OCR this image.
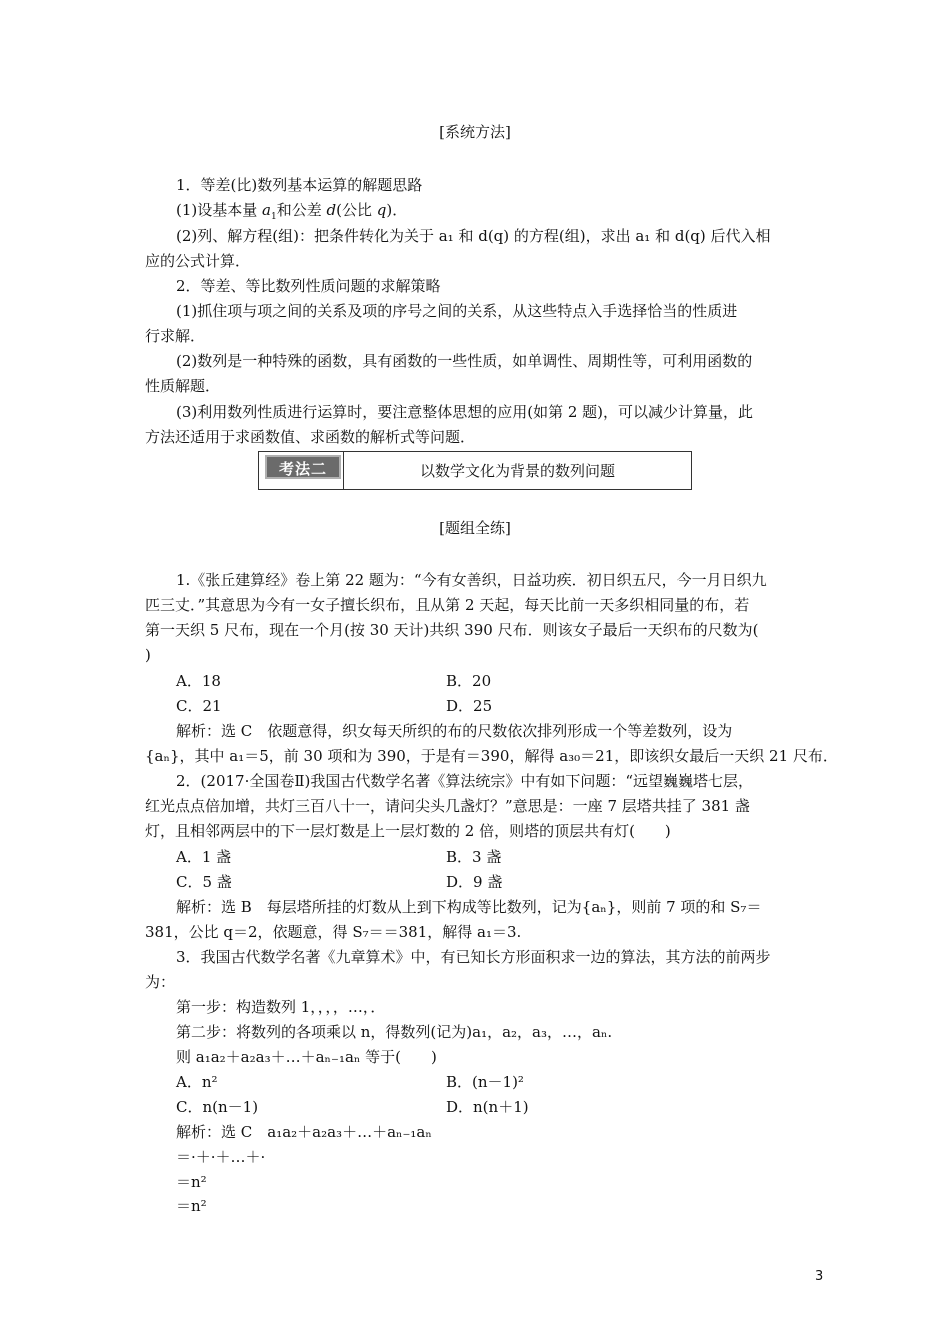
[系统方法]
1．等差(比)数列基本运算的解题思路
(1)设基本量 $a_1$和公差 d(公比 q)．
(2)列、解方程(组)：把条件转化为关于 a₁ 和 d(q) 的方程(组)，求出 a₁ 和 d(q) 后代入相
应的公式计算．
2．等差、等比数列性质问题的求解策略
(1)抓住项与项之间的关系及项的序号之间的关系，从这些特点入手选择恰当的性质进
行求解．
(2)数列是一种特殊的函数，具有函数的一些性质，如单调性、周期性等，可利用函数的
性质解题．
(3)利用数列性质进行运算时，要注意整体思想的应用(如第 2 题)，可以减少计算量，此
方法还适用于求函数值、求函数的解析式等问题．
考法二	以数学文化为背景的数列问题
[题组全练]
1.《张丘建算经》卷上第 22 题为：“今有女善织，日益功疾．初日织五尺，今一月日织九
匹三丈．”其意思为今有一女子擅长织布，且从第 2 天起，每天比前一天多织相同量的布，若
第一天织 5 尺布，现在一个月(按 30 天计)共织 390 尺布．则该女子最后一天织布的尺数为(
)
A．18	B．20
C．21	D．25
解析：选 C　依题意得，织女每天所织的布的尺数依次排列形成一个等差数列，设为
{aₙ}，其中 a₁＝5，前 30 项和为 390，于是有＝390，解得 a₃₀＝21，即该织女最后一天织 21 尺布．
2．(2017·全国卷Ⅱ)我国古代数学名著《算法统宗》中有如下问题：“远望巍巍塔七层，
红光点点倍加增，共灯三百八十一，请问尖头几盏灯？”意思是：一座 7 层塔共挂了 381 盏
灯，且相邻两层中的下一层灯数是上一层灯数的 2 倍，则塔的顶层共有灯(　　)
A．1 盏	B．3 盏
C．5 盏	D．9 盏
解析：选 B　每层塔所挂的灯数从上到下构成等比数列，记为{aₙ}，则前 7 项的和 S₇＝
381，公比 q＝2，依题意，得 S₇＝＝381，解得 a₁＝3.
3．我国古代数学名著《九章算术》中，有已知长方形面积求一边的算法，其方法的前两步
为：
第一步：构造数列 1，，，，…，．
第二步：将数列的各项乘以 n，得数列(记为)a₁，a₂，a₃，…，aₙ.
则 a₁a₂＋a₂a₃＋…＋aₙ₋₁aₙ 等于(　　)
A．n²	B．(n－1)²
C．n(n－1)	D．n(n＋1)
解析：选 C　a₁a₂＋a₂a₃＋…＋aₙ₋₁aₙ
＝·＋·＋…＋·
＝n²
＝n²
3
